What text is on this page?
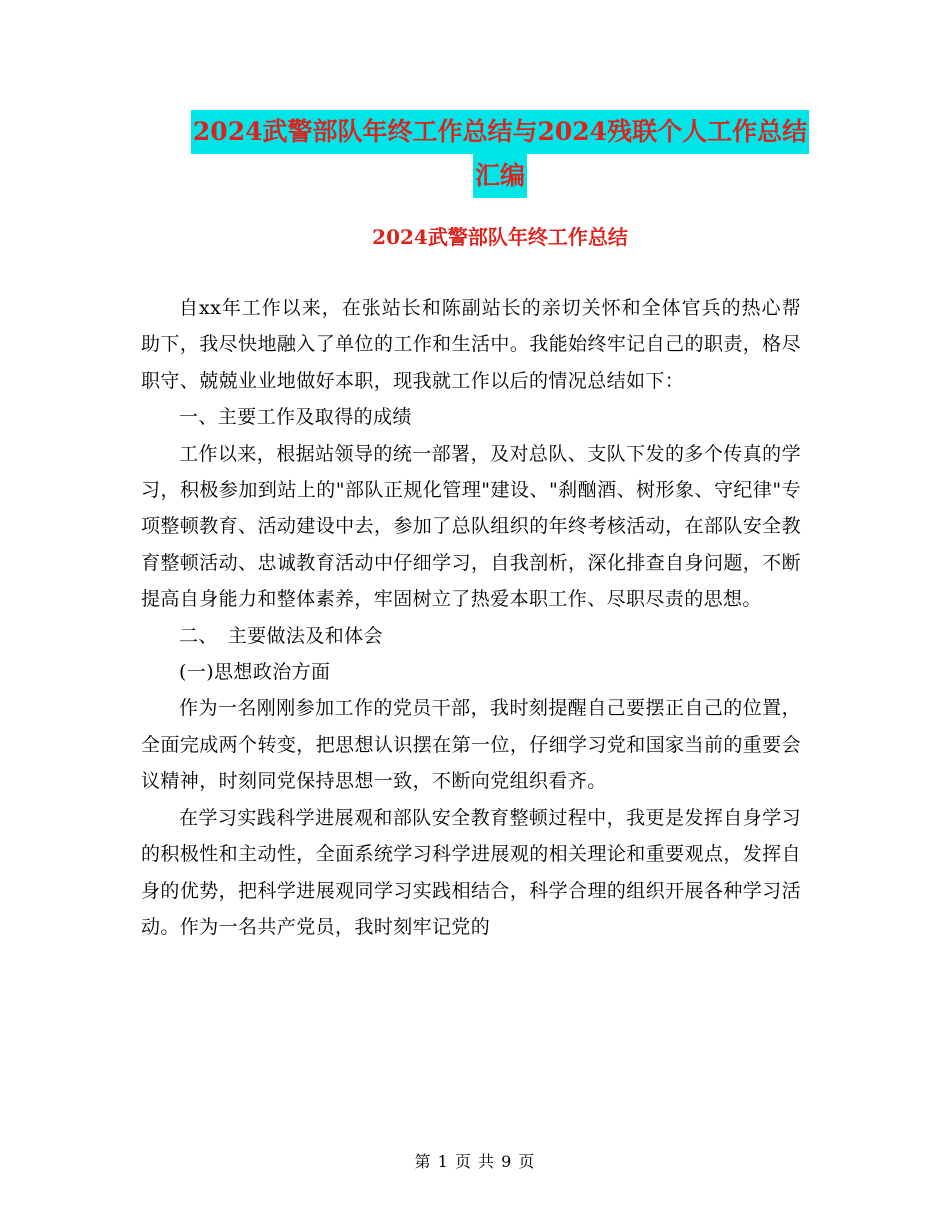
2024武警部队年终工作总结与2024残联个人工作总结
汇编
2024武警部队年终工作总结

自xx年工作以来，在张站长和陈副站长的亲切关怀和全体官兵的热心帮助下，我尽快地融入了单位的工作和生活中。我能始终牢记自己的职责，格尽职守、兢兢业业地做好本职，现我就工作以后的情况总结如下：

一、主要工作及取得的成绩

工作以来，根据站领导的统一部署，及对总队、支队下发的多个传真的学习，积极参加到站上的"部队正规化管理"建设、"刹酗酒、树形象、守纪律"专项整顿教育、活动建设中去，参加了总队组织的年终考核活动，在部队安全教育整顿活动、忠诚教育活动中仔细学习，自我剖析，深化排查自身问题，不断提高自身能力和整体素养，牢固树立了热爱本职工作、尽职尽责的思想。

二、　主要做法及和体会

(一)思想政治方面

作为一名刚刚参加工作的党员干部，我时刻提醒自己要摆正自己的位置，全面完成两个转变，把思想认识摆在第一位，仔细学习党和国家当前的重要会议精神，时刻同党保持思想一致，不断向党组织看齐。

在学习实践科学进展观和部队安全教育整顿过程中，我更是发挥自身学习的积极性和主动性，全面系统学习科学进展观的相关理论和重要观点，发挥自身的优势，把科学进展观同学习实践相结合，科学合理的组织开展各种学习活动。作为一名共产党员，我时刻牢记党的

第 1 页 共 9 页
